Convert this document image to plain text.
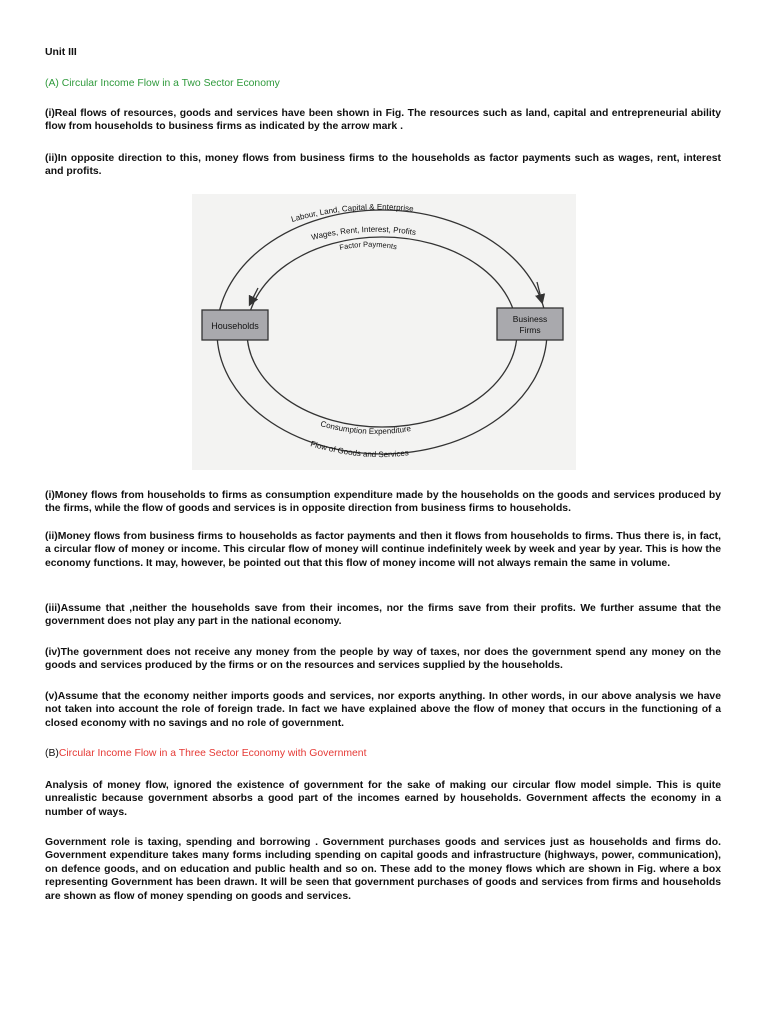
Unit III

(A) Circular Income Flow in a Two Sector Economy

(i)Real flows of resources, goods and services have been shown in Fig. The resources such as land, capital and entrepreneurial ability flow from households to business firms as indicated by the arrow mark .

(ii)In opposite direction to this, money flows from business firms to the households as factor payments such as wages, rent, interest and profits.

Households
Business
Firms
Labour, Land, Capital & Enterprise
Wages, Rent, Interest, Profits
Factor Payments
Consumption Expenditure
Flow of Goods and Services

(i)Money flows from households to firms as consumption expenditure made by the households on the goods and services produced by the firms, while the flow of goods and services is in opposite direction from business firms to households.

(ii)Money flows from business firms to households as factor payments and then it flows from households to firms. Thus there is, in fact, a circular flow of money or income. This circular flow of money will continue indefinitely week by week and year by year. This is how the economy functions. It may, however, be pointed out that this flow of money income will not always remain the same in volume.

(iii)Assume that ,neither the households save from their incomes, nor the firms save from their profits. We further assume that the government does not play any part in the national economy.

(iv)The government does not receive any money from the people by way of taxes, nor does the government spend any money on the goods and services produced by the firms or on the resources and services supplied by the households.

(v)Assume that the economy neither imports goods and services, nor exports anything. In other words, in our above analysis we have not taken into account the role of foreign trade. In fact we have explained above the flow of money that occurs in the functioning of a closed economy with no savings and no role of government.

(B)Circular Income Flow in a Three Sector Economy with Government

Analysis of money flow, ignored the existence of government for the sake of making our circular flow model simple. This is quite unrealistic because government absorbs a good part of the incomes earned by households. Government affects the economy in a number of ways.

Government role is taxing, spending and borrowing . Government purchases goods and services just as households and firms do. Government expenditure takes many forms including spending on capital goods and infrastructure (highways, power, communication), on defence goods, and on education and public health and so on. These add to the money flows which are shown in Fig. where a box representing Government has been drawn. It will be seen that government purchases of goods and services from firms and households are shown as flow of money spending on goods and services.
